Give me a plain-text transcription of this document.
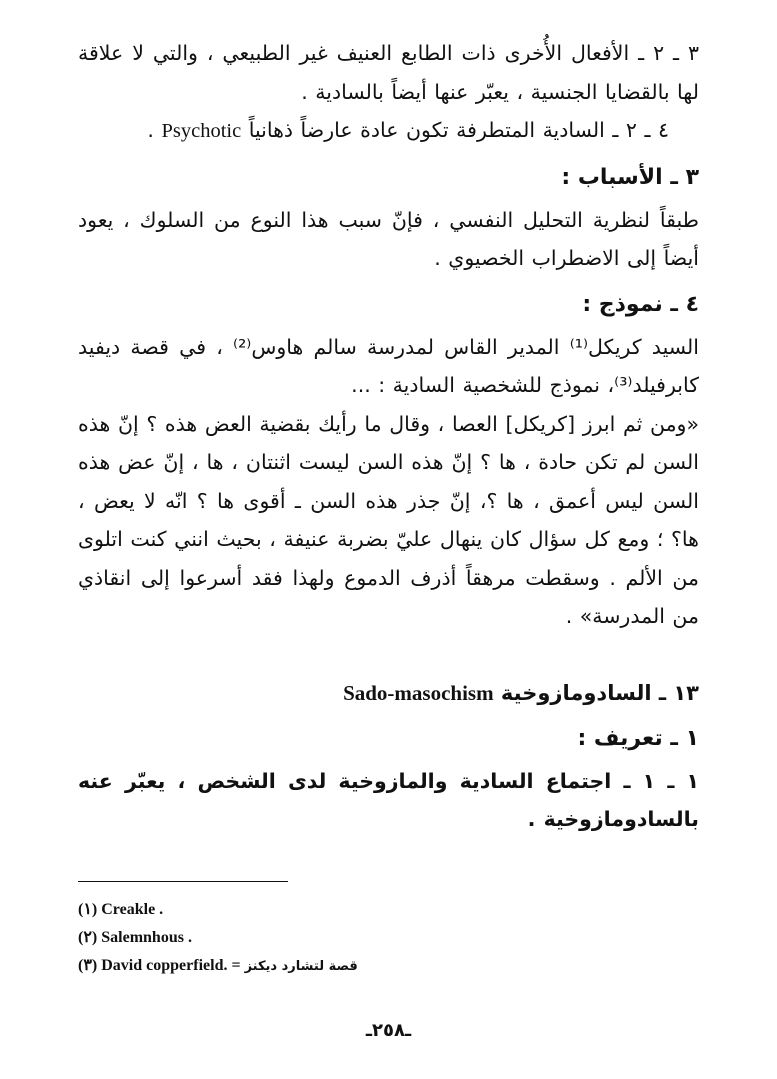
٣ ـ ٢ ـ الأفعال الأُخرى ذات الطابع العنيف غير الطبيعي ، والتي لا علاقة لها بالقضايا الجنسية ، يعبّر عنها أيضاً بالسادية .

٤ ـ ٢ ـ السادية المتطرفة تكون عادة عارضاً ذهانياً Psychotic .

٣ ـ الأسباب :

طبقاً لنظرية التحليل النفسي ، فإنّ سبب هذا النوع من السلوك ، يعود أيضاً إلى الاضطراب الخصيوي .

٤ ـ نموذج :

السيد كريكل⁽¹⁾ المدير القاس لمدرسة سالم هاوس⁽²⁾ ، في قصة ديفيد كابرفيلد⁽³⁾، نموذج للشخصية السادية : ...

«ومن ثم ابرز [كريكل] العصا ، وقال ما رأيك بقضية العض هذه ؟ إنّ هذه السن لم تكن حادة ، ها ؟ إنّ هذه السن ليست اثنتان ، ها ، إنّ عض هذه السن ليس أعمق ، ها ؟، إنّ جذر هذه السن ـ أقوى ها ؟ انّه لا يعض ، ها؟ ؛ ومع كل سؤال كان ينهال عليّ بضربة عنيفة ، بحيث انني كنت اتلوى من الألم . وسقطت مرهقاً أذرف الدموع ولهذا فقد أسرعوا إلى انقاذي من المدرسة» .

١٣ ـ السادومازوخية Sado-masochism

١ ـ تعريف :

١ ـ ١ ـ اجتماع السادية والمازوخية لدى الشخص ، يعبّر عنه بالسادومازوخية .

(١) Creakle .

(٢) Salemnhous .

(٣) David copperfield. = قصة لتشارد ديكنز

ـ٢٥٨ـ
